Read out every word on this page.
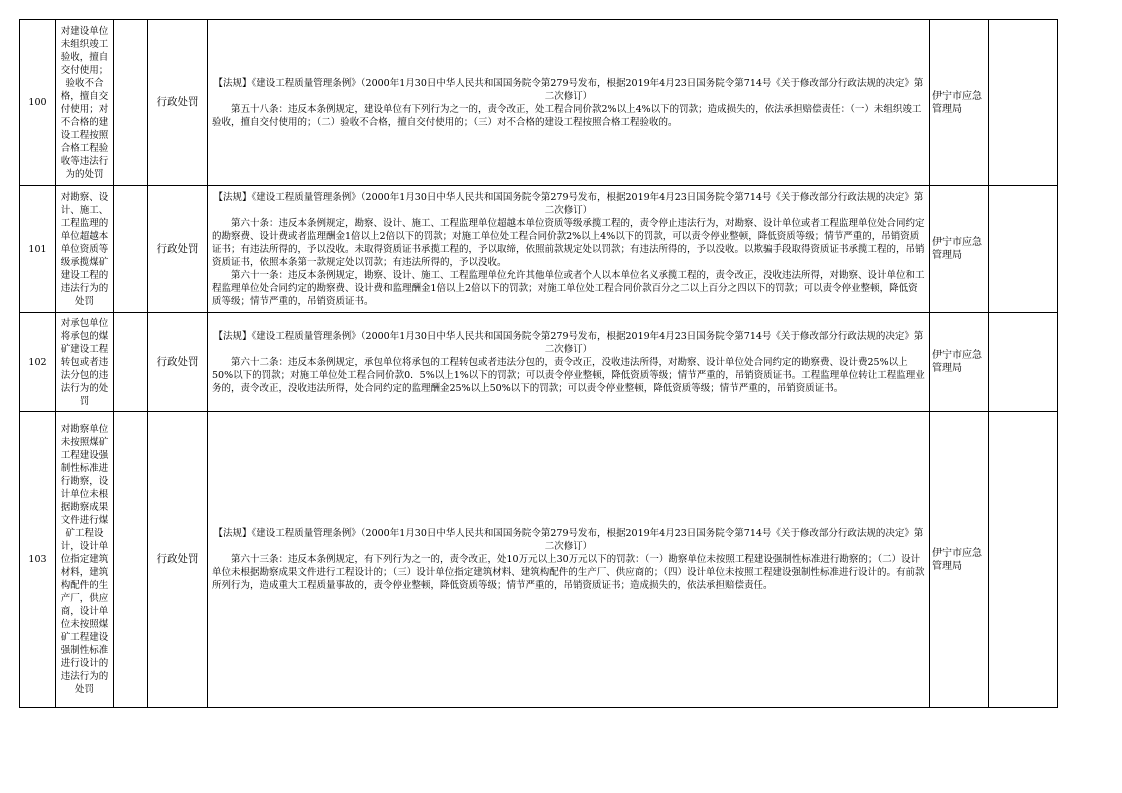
100	对建设单位未组织竣工验收，擅自交付使用；验收不合格，擅自交付使用；对不合格的建设工程按照合格工程验收等违法行为的处罚		行政处罚	【法规】《建设工程质量管理条例》（2000年1月30日中华人民共和国国务院令第279号发布，根据2019年4月23日国务院令第714号《关于修改部分行政法规的决定》第二次修订）
第五十八条：违反本条例规定，建设单位有下列行为之一的，责令改正，处工程合同价款2%以上4%以下的罚款；造成损失的，依法承担赔偿责任：（一）未组织竣工验收，擅自交付使用的；（二）验收不合格，擅自交付使用的；（三）对不合格的建设工程按照合格工程验收的。	伊宁市应急管理局	
101	对勘察、设计、施工、工程监理的单位超越本单位资质等级承揽煤矿建设工程的违法行为的处罚		行政处罚	【法规】《建设工程质量管理条例》（2000年1月30日中华人民共和国国务院令第279号发布，根据2019年4月23日国务院令第714号《关于修改部分行政法规的决定》第二次修订）
第六十条：违反本条例规定，勘察、设计、施工、工程监理单位超越本单位资质等级承揽工程的，责令停止违法行为，对勘察、设计单位或者工程监理单位处合同约定的勘察费、设计费或者监理酬金1倍以上2倍以下的罚款；对施工单位处工程合同价款2%以上4%以下的罚款，可以责令停业整顿，降低资质等级；情节严重的，吊销资质证书；有违法所得的，予以没收。未取得资质证书承揽工程的，予以取缔，依照前款规定处以罚款；有违法所得的，予以没收。以欺骗手段取得资质证书承揽工程的，吊销资质证书，依照本条第一款规定处以罚款；有违法所得的，予以没收。
第六十一条：违反本条例规定，勘察、设计、施工、工程监理单位允许其他单位或者个人以本单位名义承揽工程的，责令改正，没收违法所得，对勘察、设计单位和工程监理单位处合同约定的勘察费、设计费和监理酬金1倍以上2倍以下的罚款；对施工单位处工程合同价款百分之二以上百分之四以下的罚款；可以责令停业整顿，降低资质等级；情节严重的，吊销资质证书。	伊宁市应急管理局	
102	对承包单位将承包的煤矿建设工程转包或者违法分包的违法行为的处罚		行政处罚	【法规】《建设工程质量管理条例》（2000年1月30日中华人民共和国国务院令第279号发布，根据2019年4月23日国务院令第714号《关于修改部分行政法规的决定》第二次修订）
第六十二条：违反本条例规定，承包单位将承包的工程转包或者违法分包的，责令改正，没收违法所得，对勘察、设计单位处合同约定的勘察费、设计费25%以上50%以下的罚款；对施工单位处工程合同价款0．5%以上1%以下的罚款；可以责令停业整顿，降低资质等级；情节严重的，吊销资质证书。工程监理单位转让工程监理业务的，责令改正，没收违法所得，处合同约定的监理酬金25%以上50%以下的罚款；可以责令停业整顿，降低资质等级；情节严重的，吊销资质证书。	伊宁市应急管理局	
103	对勘察单位未按照煤矿工程建设强制性标准进行勘察，设计单位未根据勘察成果文件进行煤矿工程设计，设计单位指定建筑材料，建筑构配件的生产厂，供应商，设计单位未按照煤矿工程建设强制性标准进行设计的违法行为的处罚		行政处罚	【法规】《建设工程质量管理条例》（2000年1月30日中华人民共和国国务院令第279号发布，根据2019年4月23日国务院令第714号《关于修改部分行政法规的决定》第二次修订）
第六十三条：违反本条例规定，有下列行为之一的，责令改正，处10万元以上30万元以下的罚款：（一）勘察单位未按照工程建设强制性标准进行勘察的；（二）设计单位未根据勘察成果文件进行工程设计的；（三）设计单位指定建筑材料、建筑构配件的生产厂、供应商的；（四）设计单位未按照工程建设强制性标准进行设计的。有前款所列行为，造成重大工程质量事故的，责令停业整顿，降低资质等级；情节严重的，吊销资质证书；造成损失的，依法承担赔偿责任。	伊宁市应急管理局	
